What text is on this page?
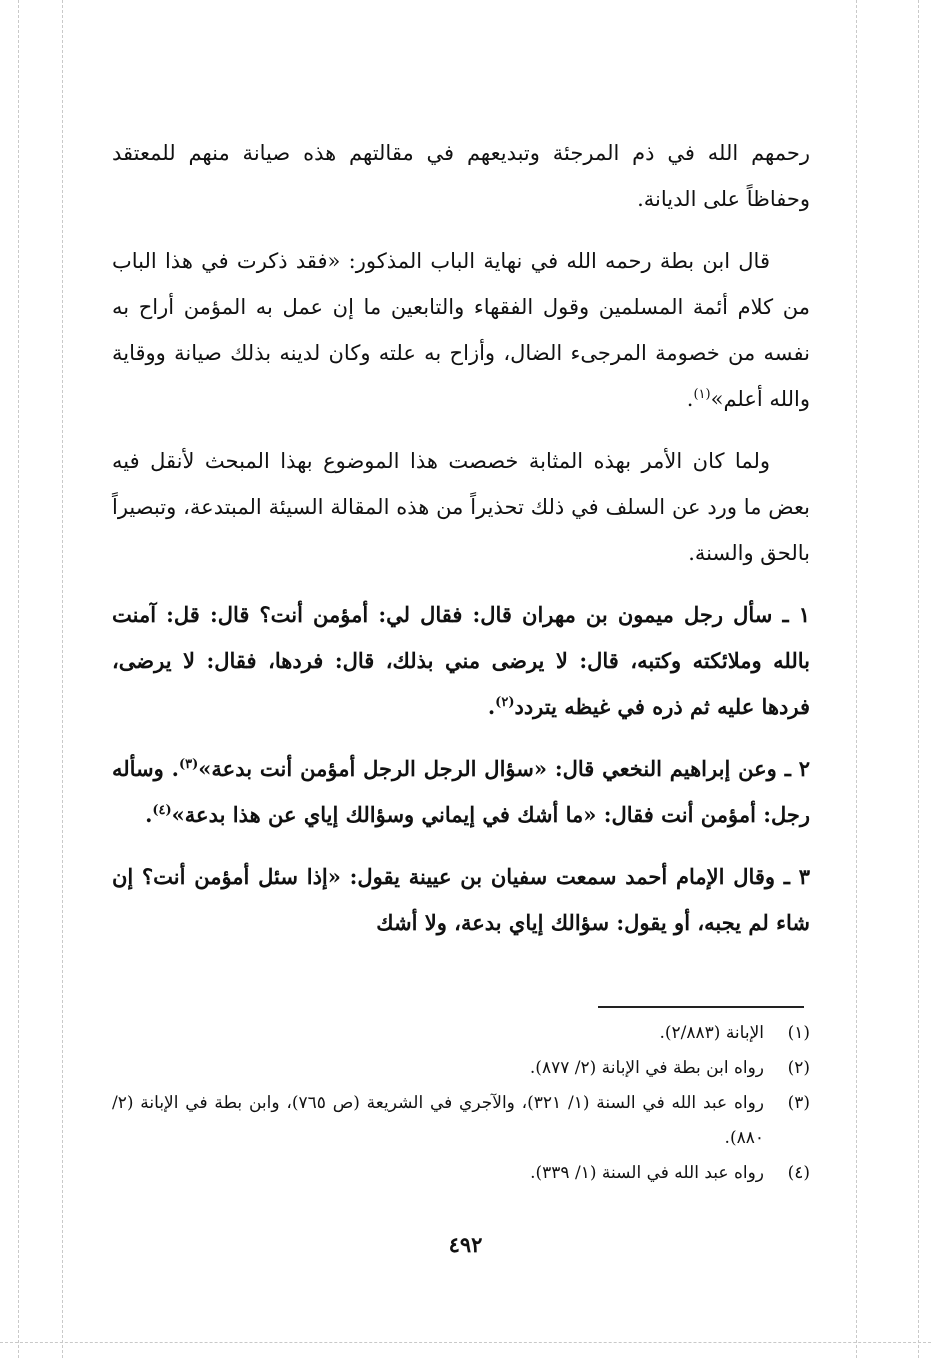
رحمهم الله في ذم المرجئة وتبديعهم في مقالتهم هذه صيانة منهم للمعتقد وحفاظاً على الديانة.

قال ابن بطة رحمه الله في نهاية الباب المذكور: «فقد ذكرت في هذا الباب من كلام أئمة المسلمين وقول الفقهاء والتابعين ما إن عمل به المؤمن أراح به نفسه من خصومة المرجىء الضال، وأزاح به علته وكان لدينه بذلك صيانة ووقاية والله أعلم»$^{(١)}$.

ولما كان الأمر بهذه المثابة خصصت هذا الموضوع بهذا المبحث لأنقل فيه بعض ما ورد عن السلف في ذلك تحذيراً من هذه المقالة السيئة المبتدعة، وتبصيراً بالحق والسنة.

١ ـ سأل رجل ميمون بن مهران قال: فقال لي: أمؤمن أنت؟ قال: قل: آمنت بالله وملائكته وكتبه، قال: لا يرضى مني بذلك، قال: فردها، فقال: لا يرضى، فردها عليه ثم ذره في غيظه يتردد$^{(٢)}$.

٢ ـ وعن إبراهيم النخعي قال: «سؤال الرجل الرجل أمؤمن أنت بدعة»$^{(٣)}$. وسأله رجل: أمؤمن أنت فقال: «ما أشك في إيماني وسؤالك إياي عن هذا بدعة»$^{(٤)}$.

٣ ـ وقال الإمام أحمد سمعت سفيان بن عيينة يقول: «إذا سئل أمؤمن أنت؟ إن شاء لم يجبه، أو يقول: سؤالك إياي بدعة، ولا أشك

(١)
الإبانة (٢/٨٨٣).
(٢)
رواه ابن بطة في الإبانة (٢/ ٨٧٧).
(٣)
رواه عبد الله في السنة (١/ ٣٢١)، والآجري في الشريعة (ص ٧٦٥)، وابن بطة في الإبانة (٢/ ٨٨٠).
(٤)
رواه عبد الله في السنة (١/ ٣٣٩).
٤٩٢
